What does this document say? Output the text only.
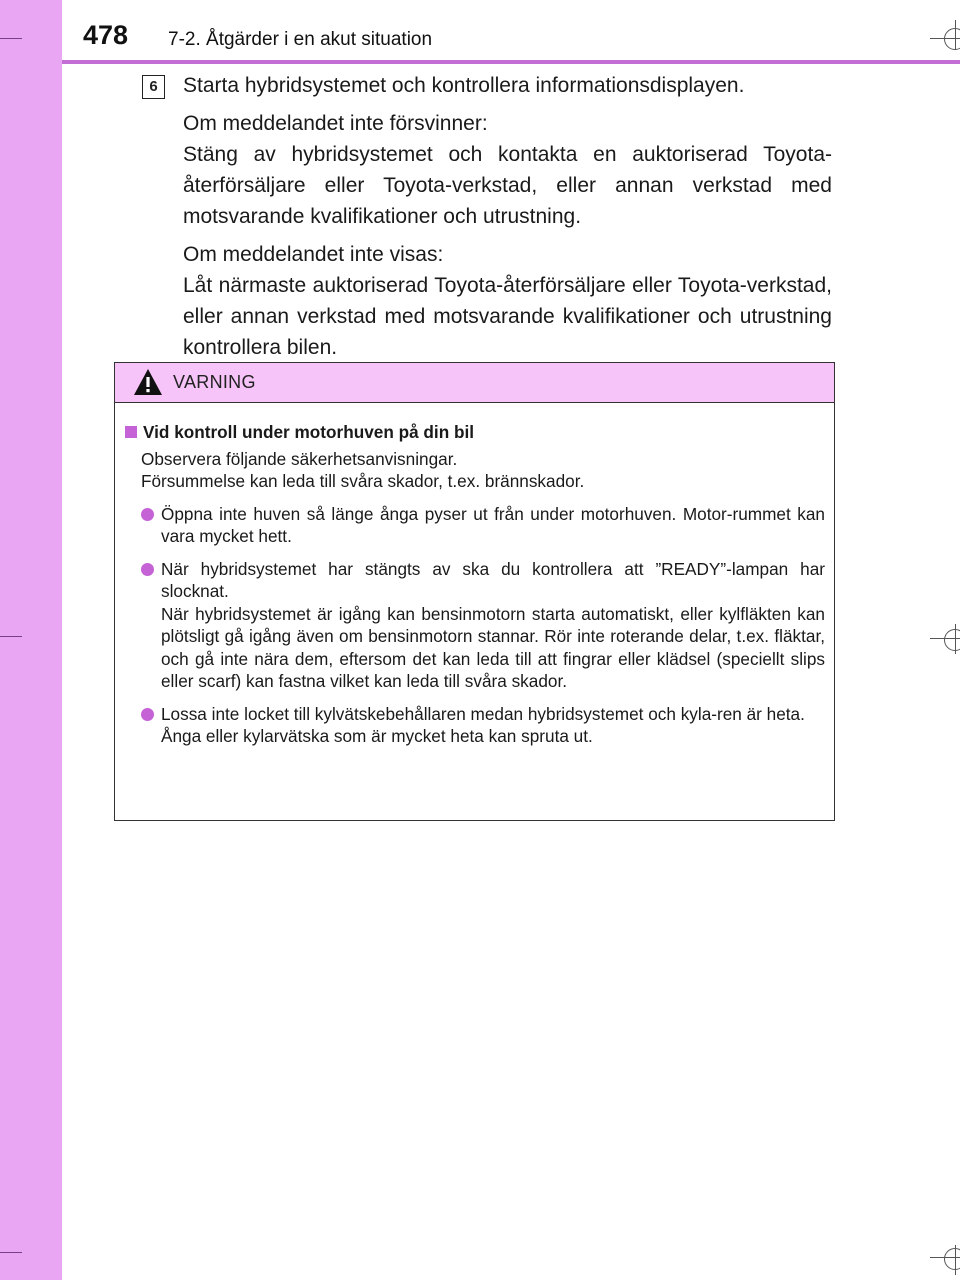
478 7-2. Åtgärder i en akut situation
6	Starta hybridsystemet och kontrollera informationsdisplayen.

Om meddelandet inte försvinner:

Stäng av hybridsystemet och kontakta en auktoriserad Toyota-återförsäljare eller Toyota-verkstad, eller annan verkstad med motsvarande kvalifikationer och utrustning.

Om meddelandet inte visas:

Låt närmaste auktoriserad Toyota-återförsäljare eller Toyota-verkstad, eller annan verkstad med motsvarande kvalifikationer och utrustning kontrollera bilen.

VARNING
Vid kontroll under motorhuven på din bil
Observera följande säkerhetsanvisningar.
Försummelse kan leda till svåra skador, t.ex. brännskador.
Öppna inte huven så länge ånga pyser ut från under motorhuven. Motor-rummet kan vara mycket hett.
När hybridsystemet har stängts av ska du kontrollera att ”READY”-lampan har slocknat.
När hybridsystemet är igång kan bensinmotorn starta automatiskt, eller kylfläkten kan plötsligt gå igång även om bensinmotorn stannar. Rör inte roterande delar, t.ex. fläktar, och gå inte nära dem, eftersom det kan leda till att fingrar eller klädsel (speciellt slips eller scarf) kan fastna vilket kan leda till svåra skador.
Lossa inte locket till kylvätskebehållaren medan hybridsystemet och kyla-ren är heta.
Ånga eller kylarvätska som är mycket heta kan spruta ut.
